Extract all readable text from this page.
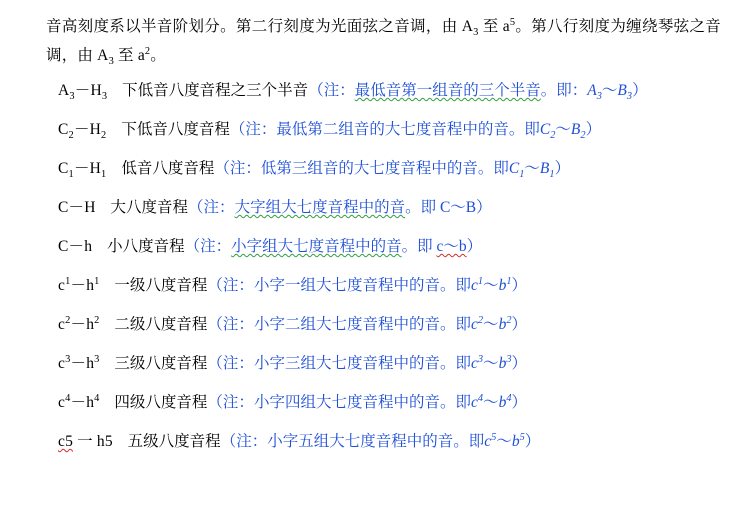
音高刻度系以半音阶划分。第二行刻度为光面弦之音调，由 $A_3$ 至 $a^5$。第八行刻度为缠绕琴弦之音调，由 $A_3$ 至 $a^2$。

$A_3-H_3$ 下低音八度音程之三个半音（注：最低音第一组音的三个半音。即：$A_3\sim B_3$）

$C_2-H_2$ 下低音八度音程（注：最低第二组音的大七度音程中的音。即$C_2\sim B_2$）

$C_1-H_1$ 低音八度音程（注：低第三组音的大七度音程中的音。即$C_1\sim B_1$）

C－H 大八度音程（注：大字组大七度音程中的音。即 C～B）

C－h 小八度音程（注：小字组大七度音程中的音。即 c～b）

$c^1-h^1$ 一级八度音程（注：小字一组大七度音程中的音。即$c^1\sim b^1$）

$c^2-h^2$ 二级八度音程（注：小字二组大七度音程中的音。即$c^2\sim b^2$）

$c^3-h^3$ 三级八度音程（注：小字三组大七度音程中的音。即$c^3\sim b^3$）

$c^4-h^4$ 四级八度音程（注：小字四组大七度音程中的音。即$c^4\sim b^4$）

c5 一 h5 五级八度音程（注：小字五组大七度音程中的音。即$c^5\sim b^5$）
